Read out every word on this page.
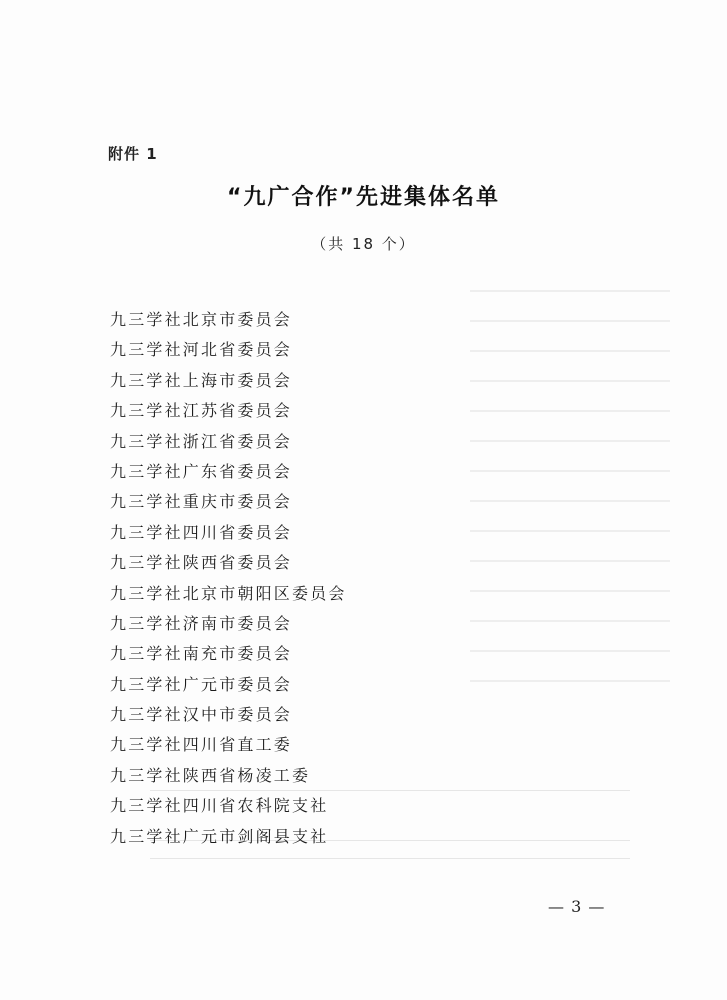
附件 1
“九广合作”先进集体名单
（共 18 个）
九三学社北京市委员会
九三学社河北省委员会
九三学社上海市委员会
九三学社江苏省委员会
九三学社浙江省委员会
九三学社广东省委员会
九三学社重庆市委员会
九三学社四川省委员会
九三学社陕西省委员会
九三学社北京市朝阳区委员会
九三学社济南市委员会
九三学社南充市委员会
九三学社广元市委员会
九三学社汉中市委员会
九三学社四川省直工委
九三学社陕西省杨凌工委
九三学社四川省农科院支社
九三学社广元市剑阁县支社
— 3 —
